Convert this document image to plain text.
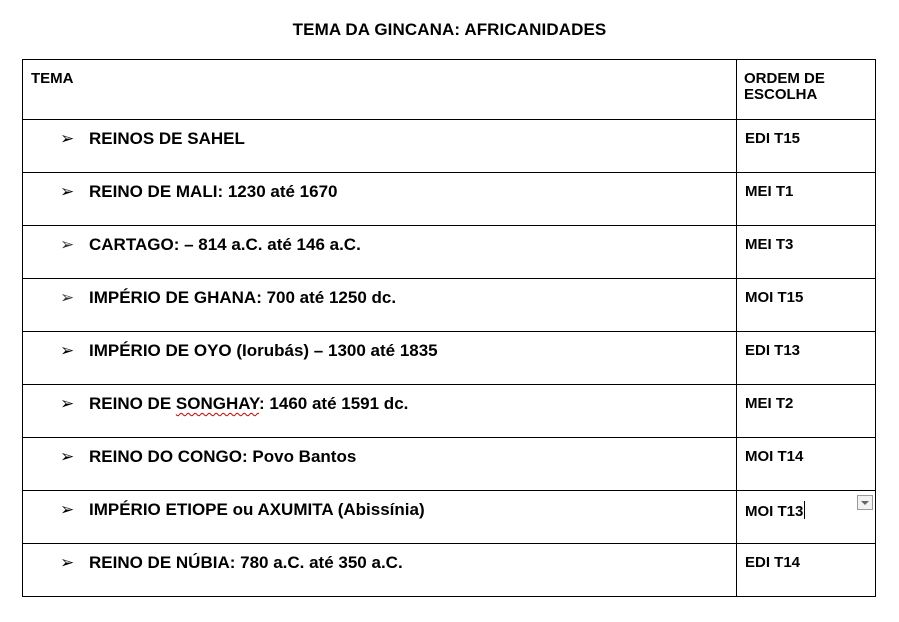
TEMA DA GINCANA: AFRICANIDADES
TEMA	ORDEM DE
ESCOLHA

➢ REINOS DE SAHEL	EDI T15

➢ REINO DE MALI: 1230 até 1670	MEI T1

➢ CARTAGO: – 814 a.C. até 146 a.C.	MEI T3

➢ IMPÉRIO DE GHANA: 700 até 1250 dc.	MOI T15

➢ IMPÉRIO DE OYO (Iorubás) – 1300 até 1835	EDI T13

➢ REINO DE SONGHAY: 1460 até 1591 dc.	MEI T2

➢ REINO DO CONGO: Povo Bantos	MOI T14

➢ IMPÉRIO ETIOPE ou AXUMITA (Abissínia)	MOI T13

➢ REINO DE NÚBIA: 780 a.C. até 350 a.C.	EDI T14
